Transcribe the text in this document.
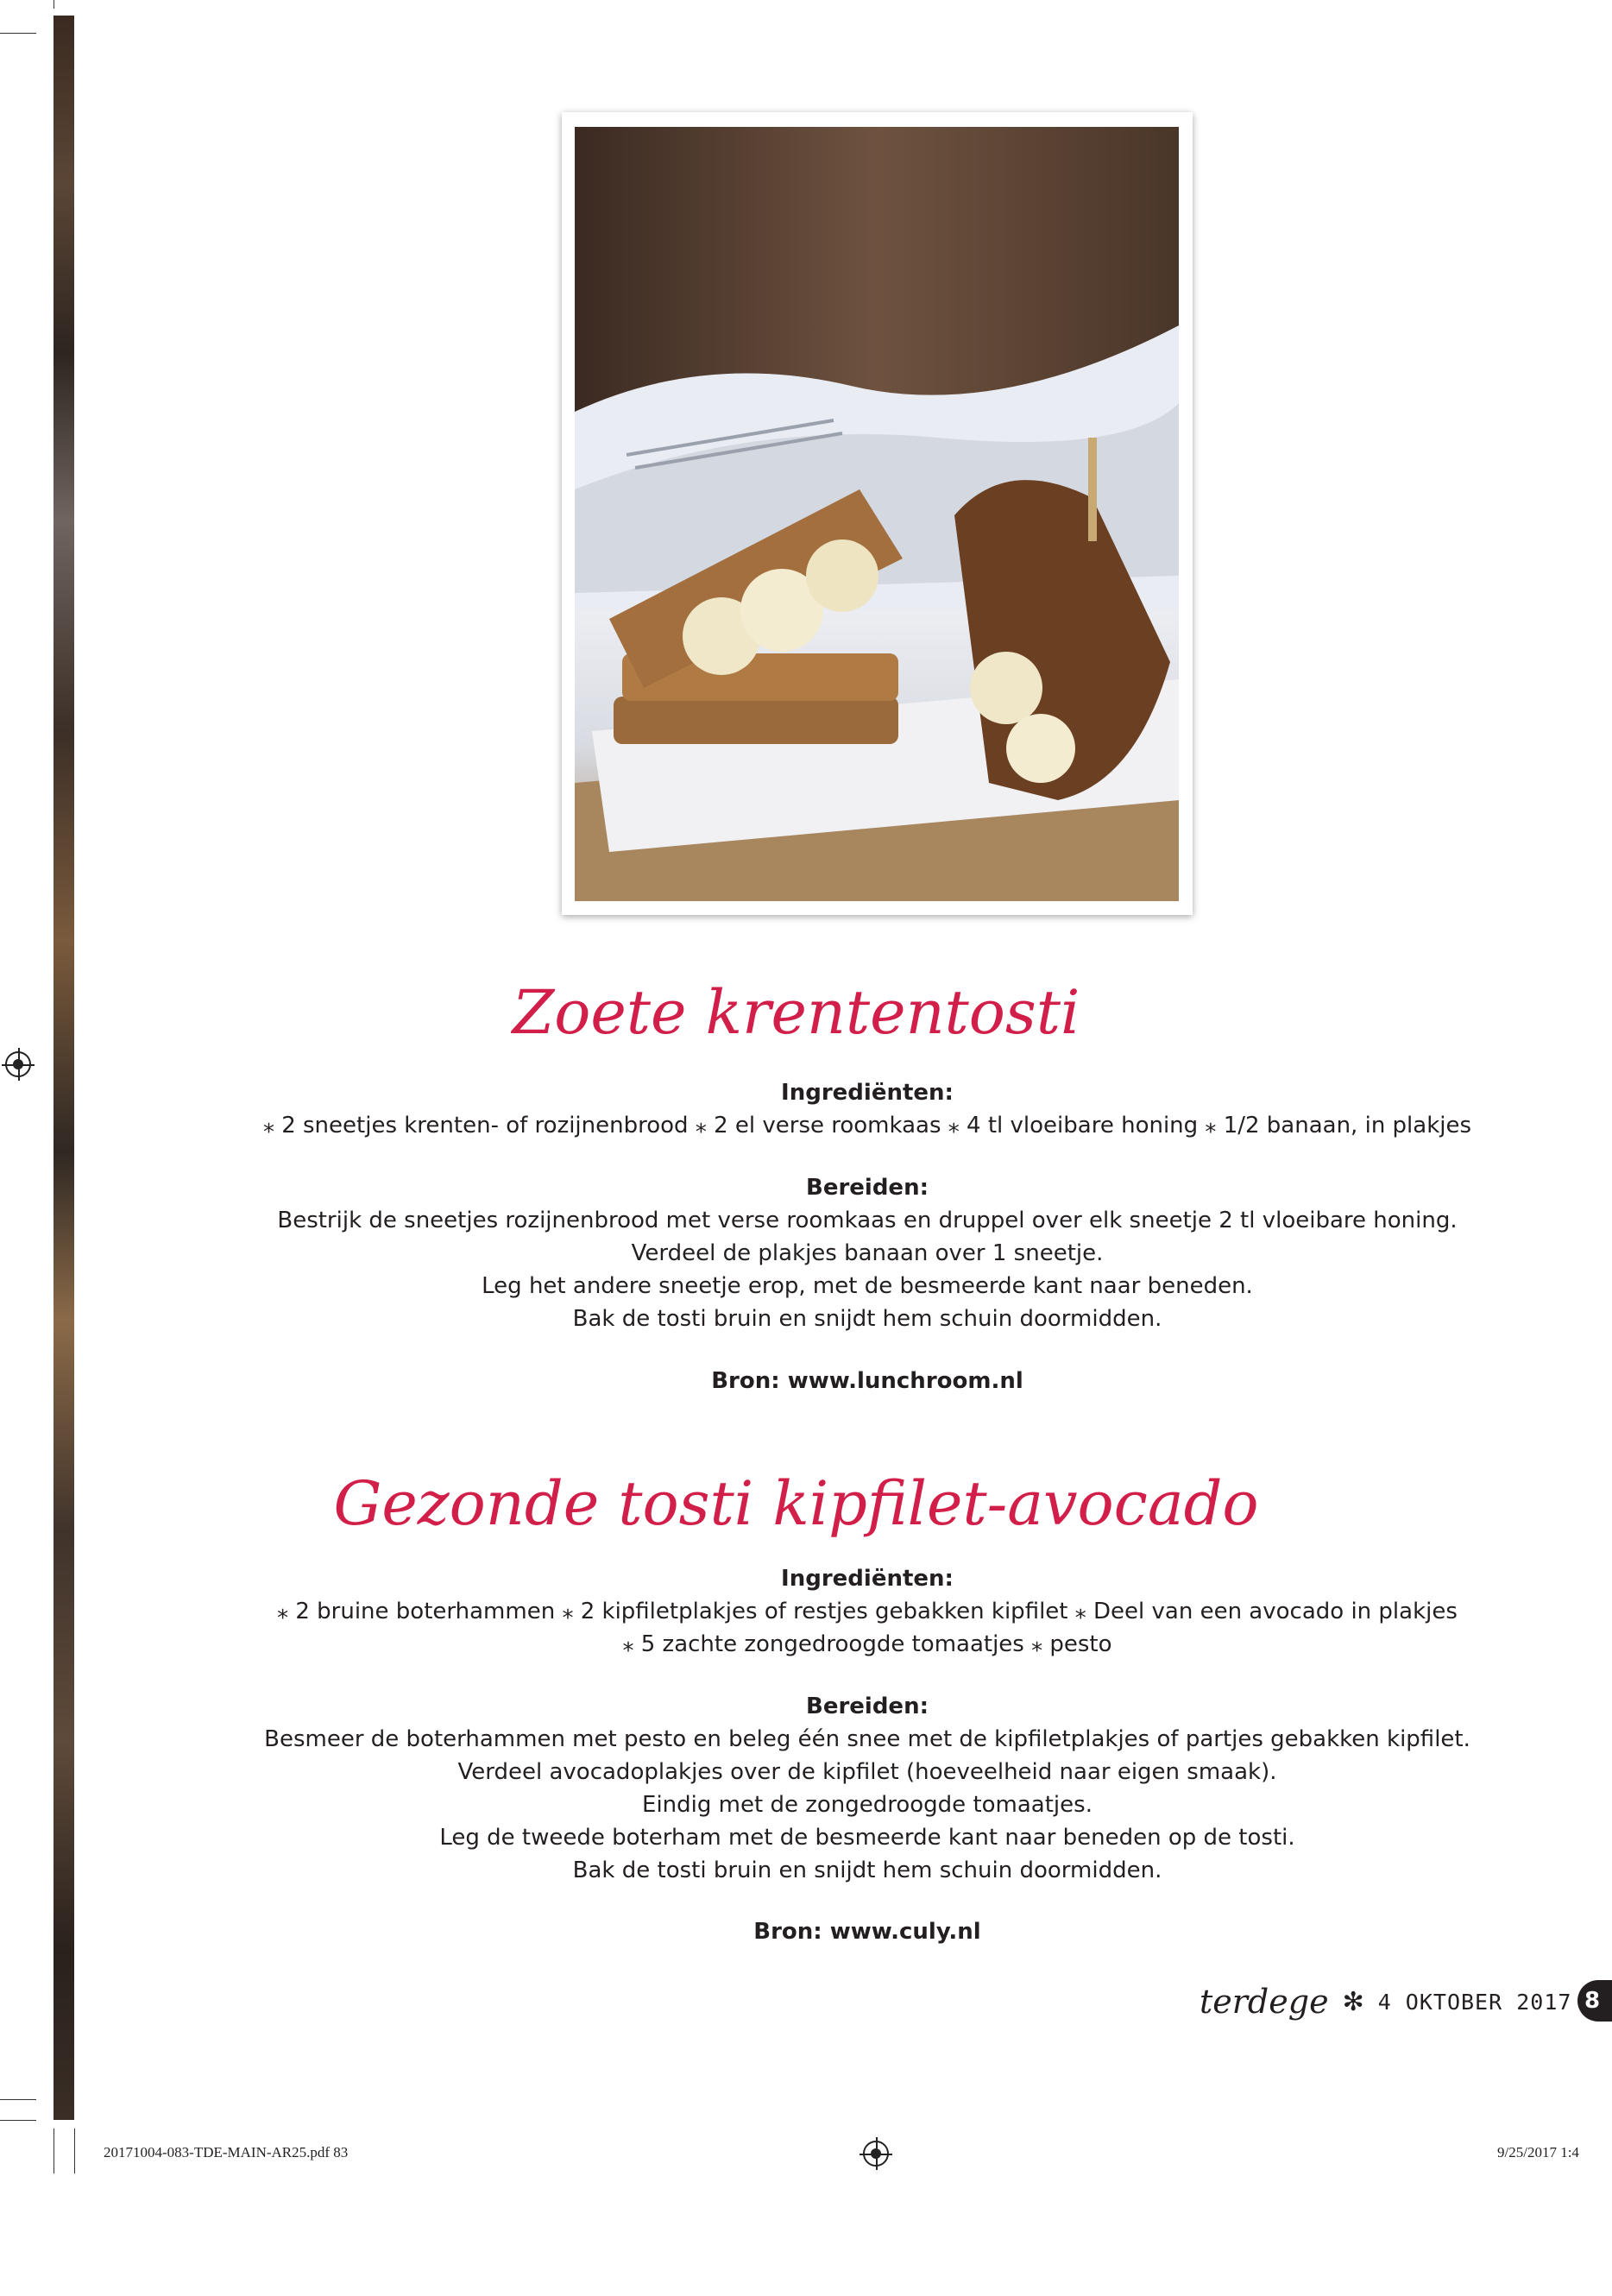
Zoete krententosti
Ingrediënten:
⁎ 2 sneetjes krenten- of rozijnenbrood ⁎ 2 el verse roomkaas ⁎ 4 tl vloeibare honing ⁎ 1/2 banaan, in plakjes
Bereiden:
Bestrijk de sneetjes rozijnenbrood met verse roomkaas en druppel over elk sneetje 2 tl vloeibare honing.
Verdeel de plakjes banaan over 1 sneetje.
Leg het andere sneetje erop, met de besmeerde kant naar beneden.
Bak de tosti bruin en snijdt hem schuin doormidden.
Bron: www.lunchroom.nl
Gezonde tosti kipfilet-avocado
Ingrediënten:
⁎ 2 bruine boterhammen ⁎ 2 kipfiletplakjes of restjes gebakken kipfilet ⁎ Deel van een avocado in plakjes
⁎ 5 zachte zongedroogde tomaatjes ⁎ pesto
Bereiden:
Besmeer de boterhammen met pesto en beleg één snee met de kipfiletplakjes of partjes gebakken kipfilet.
Verdeel avocadoplakjes over de kipfilet (hoeveelheid naar eigen smaak).
Eindig met de zongedroogde tomaatjes.
Leg de tweede boterham met de besmeerde kant naar beneden op de tosti.
Bak de tosti bruin en snijdt hem schuin doormidden.
Bron: www.culy.nl
terdege ✻ 4 OKTOBER 2017 8
20171004-083-TDE-MAIN-AR25.pdf 83	9/25/2017 1:4
